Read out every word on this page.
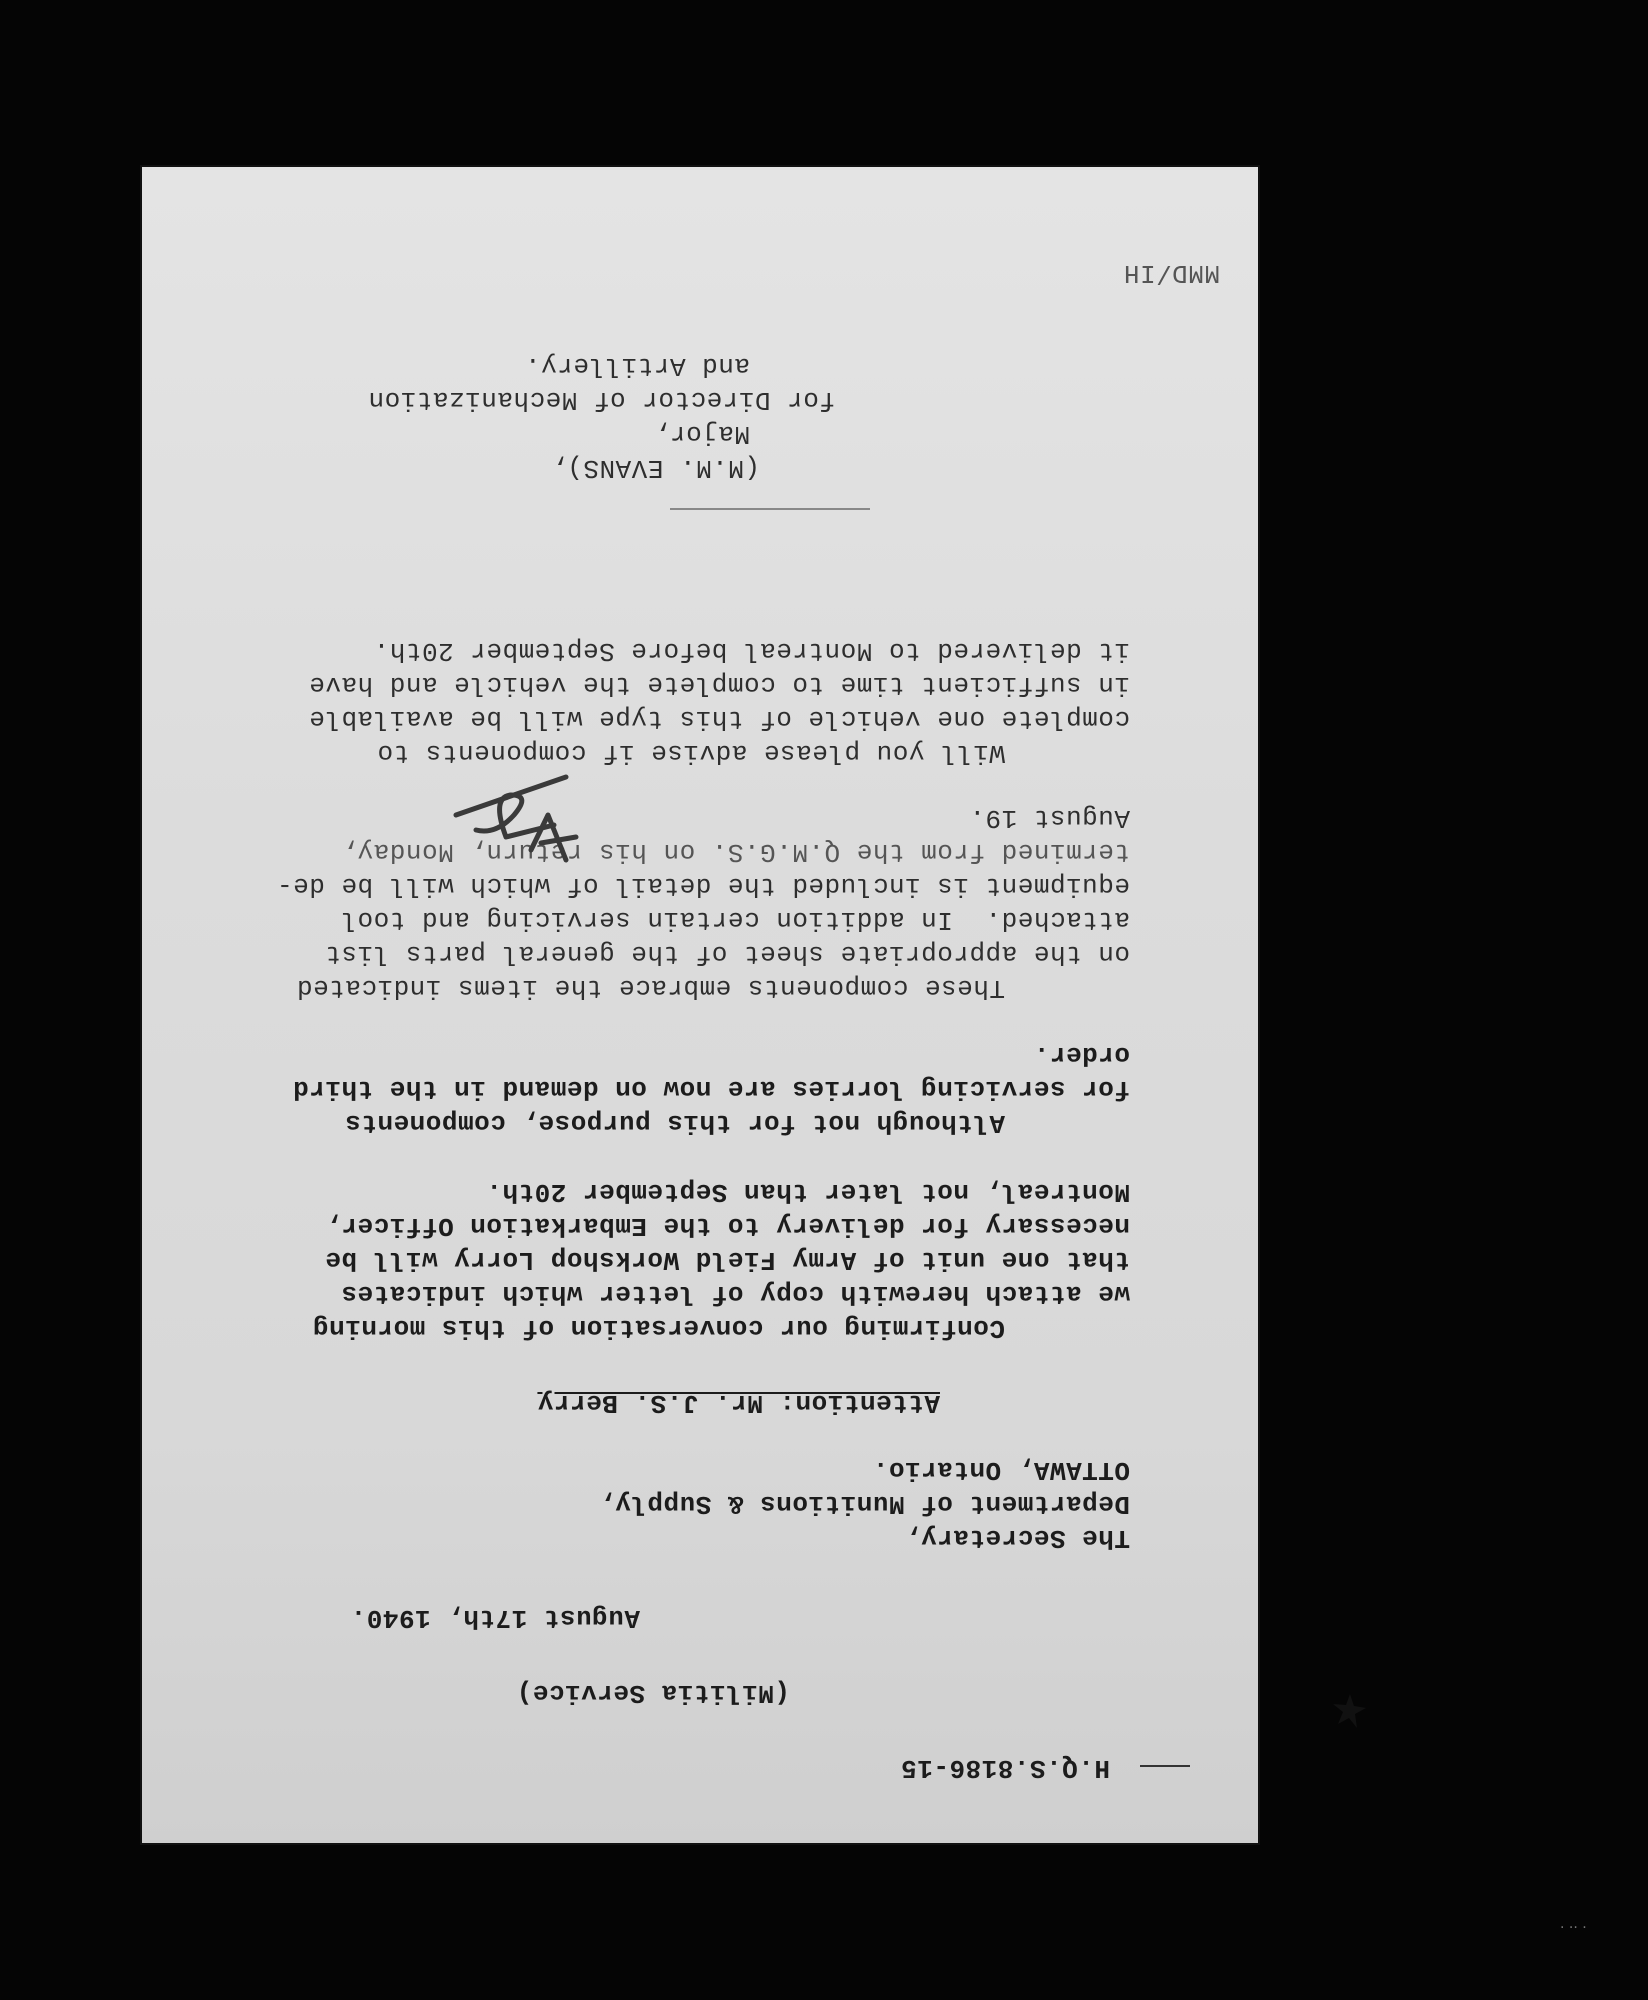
H.Q.S.8186-15
(Militia Service)
August 17th, 1940.
The Secretary,
Department of Munitions & Supply,
OTTAWA, Ontario.
Attention: Mr. J.S. Berry
Confirming our conversation of this morning
we attach herewith copy of letter which indicates
that one unit of Army Field Workshop Lorry will be
necessary for delivery to the Embarkation Officer,
Montreal, not later than September 20th.
Although not for this purpose, components
for servicing lorries are now on demand in the third
order.
These components embrace the items indicated
on the appropriate sheet of the general parts list
attached.  In addition certain servicing and tool
equipment is included the detail of which will be de-
termined from the Q.M.G.S. on his return, Monday,
August 19.
Will you please advise if components to
complete one vehicle of this type will be available
in sufficient time to complete the vehicle and have
it delivered to Montreal before September 20th.
(M.M. EVANS),
Major,
for Director of Mechanization
and Artillery.
MMD/IH
· ·· ·
